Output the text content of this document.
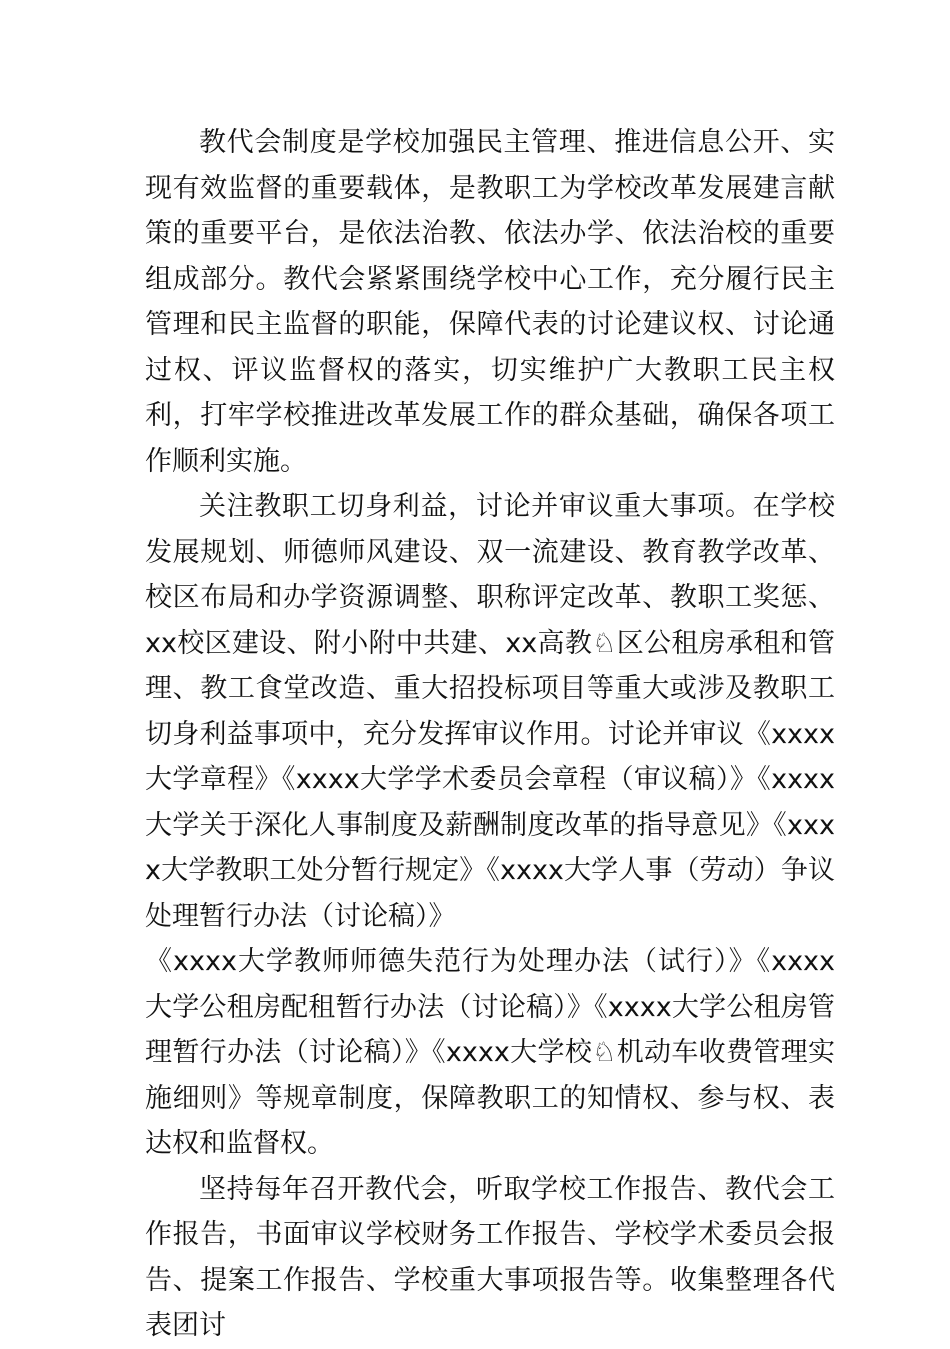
教代会制度是学校加强民主管理、推进信息公开、实现有效监督的重要载体，是教职工为学校改革发展建言献策的重要平台，是依法治教、依法办学、依法治校的重要组成部分。教代会紧紧围绕学校中心工作，充分履行民主管理和民主监督的职能，保障代表的讨论建议权、讨论通过权、评议监督权的落实，切实维护广大教职工民主权利，打牢学校推进改革发展工作的群众基础，确保各项工作顺利实施。

关注教职工切身利益，讨论并审议重大事项。在学校发展规划、师德师风建设、双一流建设、教育教学改革、校区布局和办学资源调整、职称评定改革、教职工奖惩、xx校区建设、附小附中共建、xx高教♘区公租房承租和管理、教工食堂改造、重大招投标项目等重大或涉及教职工切身利益事项中，充分发挥审议作用。讨论并审议《xxxx大学章程》《xxxx大学学术委员会章程（审议稿）》《xxxx大学关于深化人事制度及薪酬制度改革的指导意见》《xxxx大学教职工处分暂行规定》《xxxx大学人事（劳动）争议处理暂行办法（讨论稿）》

《xxxx大学教师师德失范行为处理办法（试行）》《xxxx大学公租房配租暂行办法（讨论稿）》《xxxx大学公租房管理暂行办法（讨论稿）》《xxxx大学校♘机动车收费管理实施细则》等规章制度，保障教职工的知情权、参与权、表达权和监督权。

坚持每年召开教代会，听取学校工作报告、教代会工作报告，书面审议学校财务工作报告、学校学术委员会报告、提案工作报告、学校重大事项报告等。收集整理各代表团讨
